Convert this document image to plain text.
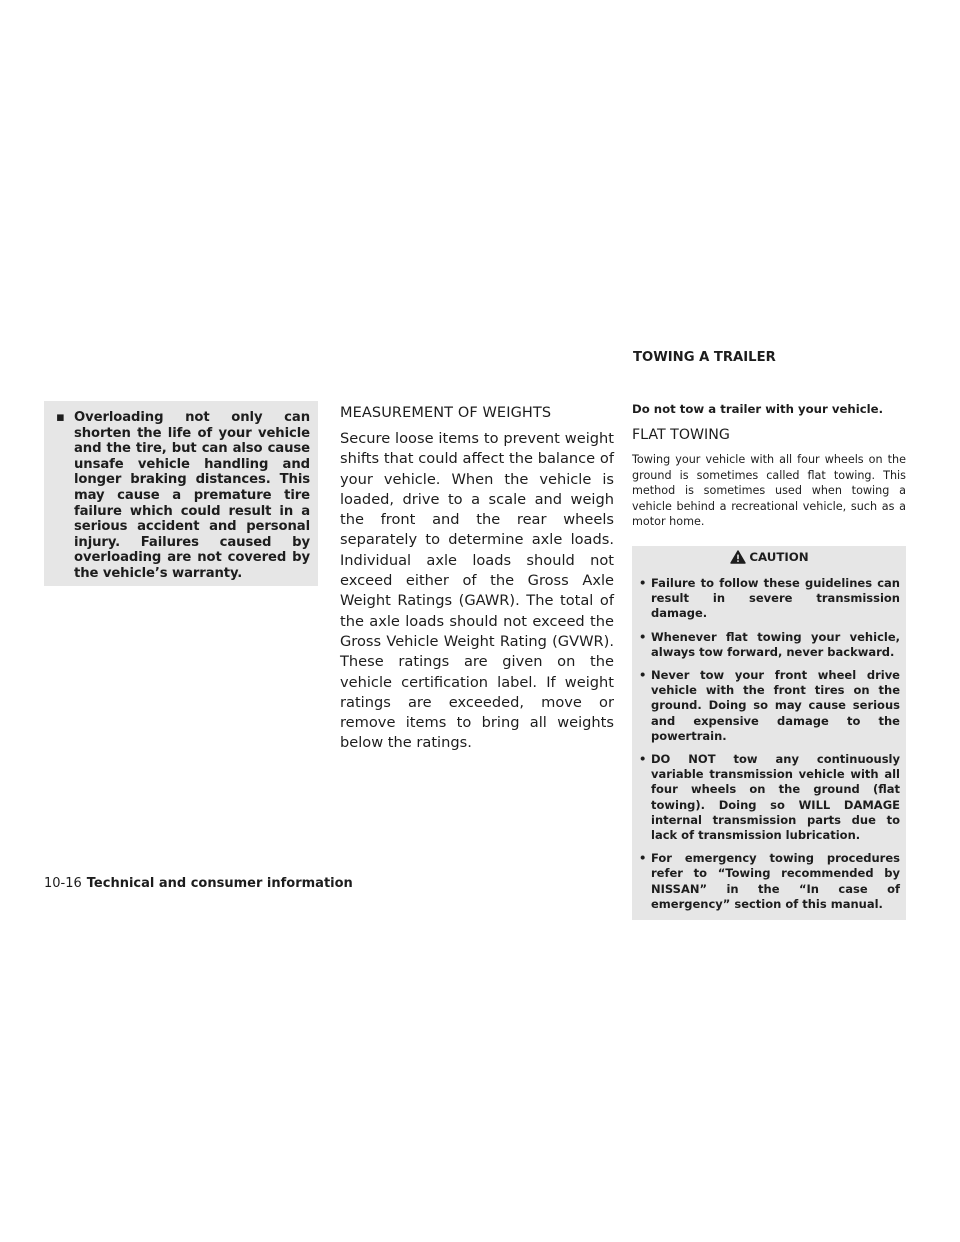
▪ Overloading not only can shorten the life of your vehicle and the tire, but can also cause unsafe vehicle handling and longer braking distances. This may cause a premature tire failure which could result in a serious accident and personal injury. Failures caused by overloading are not covered by the vehicle’s warranty.
MEASUREMENT OF WEIGHTS

Secure loose items to prevent weight shifts that could affect the balance of your vehicle. When the vehicle is loaded, drive to a scale and weigh the front and the rear wheels separately to determine axle loads. Individual axle loads should not exceed either of the Gross Axle Weight Ratings (GAWR). The total of the axle loads should not exceed the Gross Vehicle Weight Rating (GVWR). These ratings are given on the vehicle certification label. If weight ratings are exceeded, move or remove items to bring all weights below the ratings.

TOWING A TRAILER
Do not tow a trailer with your vehicle.
FLAT TOWING

Towing your vehicle with all four wheels on the ground is sometimes called flat towing. This method is sometimes used when towing a vehicle behind a recreational vehicle, such as a motor home.

CAUTION
• Failure to follow these guidelines can result in severe transmission damage.
• Whenever flat towing your vehicle, always tow forward, never backward.
• Never tow your front wheel drive vehicle with the front tires on the ground. Doing so may cause serious and expensive damage to the powertrain.
• DO NOT tow any continuously variable transmission vehicle with all four wheels on the ground (flat towing). Doing so WILL DAMAGE internal transmission parts due to lack of transmission lubrication.
• For emergency towing procedures refer to “Towing recommended by NISSAN” in the “In case of emergency” section of this manual.
10-16 Technical and consumer information
